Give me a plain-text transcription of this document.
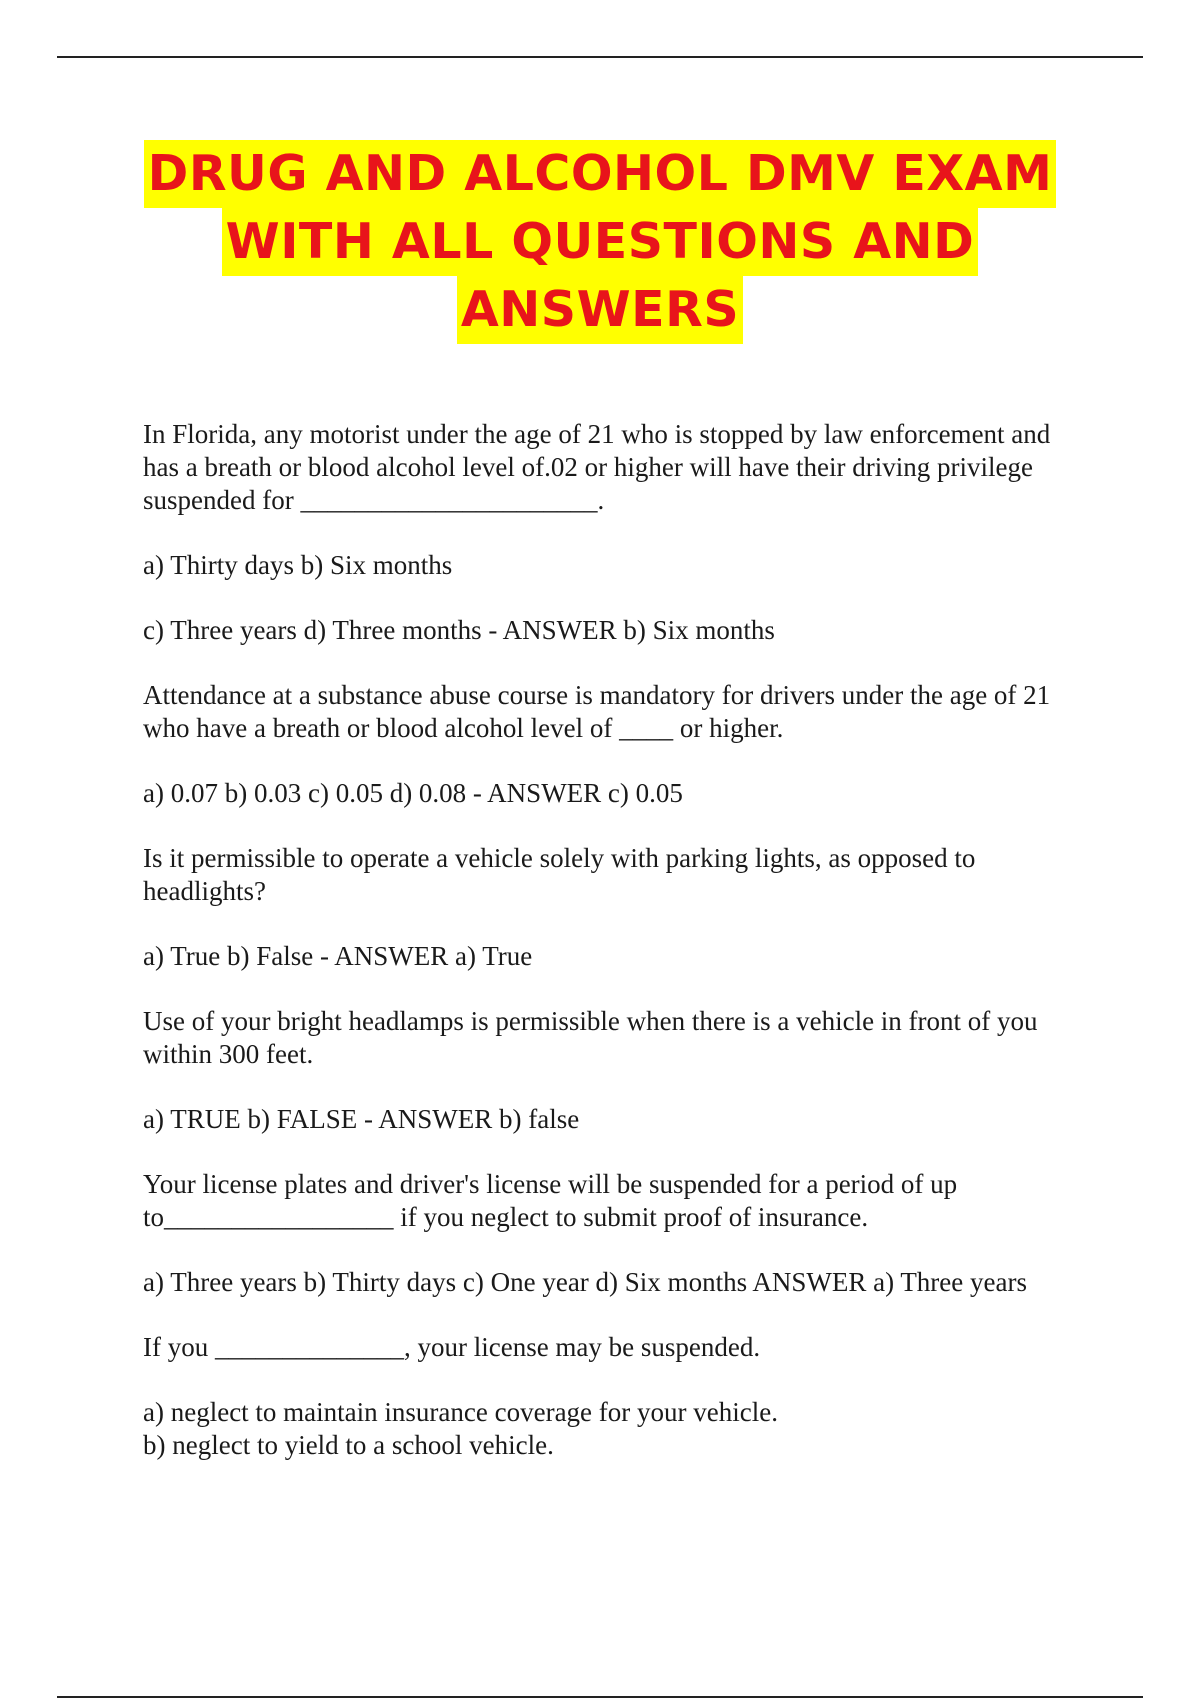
DRUG AND ALCOHOL DMV EXAM
WITH ALL QUESTIONS AND
ANSWERS

In Florida, any motorist under the age of 21 who is stopped by law enforcement and has a breath or blood alcohol level of.02 or higher will have their driving privilege suspended for ______________________.

a) Thirty days b) Six months

c) Three years d) Three months - ANSWER b) Six months

Attendance at a substance abuse course is mandatory for drivers under the age of 21 who have a breath or blood alcohol level of ____ or higher.

a) 0.07 b) 0.03 c) 0.05 d) 0.08 - ANSWER c) 0.05

Is it permissible to operate a vehicle solely with parking lights, as opposed to headlights?

a) True b) False - ANSWER a) True

Use of your bright headlamps is permissible when there is a vehicle in front of you within 300 feet.

a) TRUE b) FALSE - ANSWER b) false

Your license plates and driver's license will be suspended for a period of up to_________________ if you neglect to submit proof of insurance.

a) Three years b) Thirty days c) One year d) Six months ANSWER a) Three years

If you ______________, your license may be suspended.

a) neglect to maintain insurance coverage for your vehicle.

b) neglect to yield to a school vehicle.
